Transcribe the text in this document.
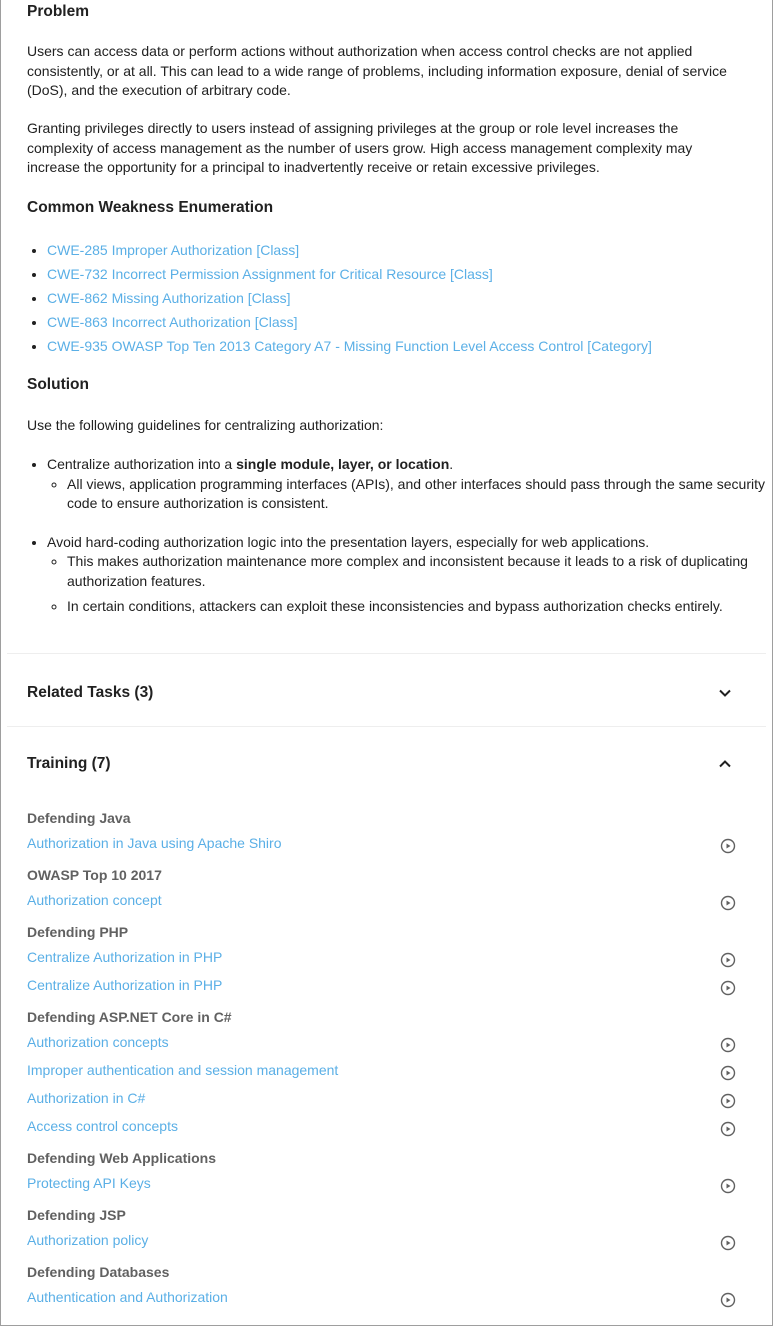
Problem

Users can access data or perform actions without authorization when access control checks are not applied consistently, or at all. This can lead to a wide range of problems, including information exposure, denial of service (DoS), and the execution of arbitrary code.

Granting privileges directly to users instead of assigning privileges at the group or role level increases the complexity of access management as the number of users grow. High access management complexity may increase the opportunity for a principal to inadvertently receive or retain excessive privileges.

Common Weakness Enumeration
• CWE-285 Improper Authorization [Class]
• CWE-732 Incorrect Permission Assignment for Critical Resource [Class]
• CWE-862 Missing Authorization [Class]
• CWE-863 Incorrect Authorization [Class]
• CWE-935 OWASP Top Ten 2013 Category A7 - Missing Function Level Access Control [Category]
Solution

Use the following guidelines for centralizing authorization:

• Centralize authorization into a single module, layer, or location.
◦ All views, application programming interfaces (APIs), and other interfaces should pass through the same security code to ensure authorization is consistent.
• Avoid hard-coding authorization logic into the presentation layers, especially for web applications.
◦ This makes authorization maintenance more complex and inconsistent because it leads to a risk of duplicating authorization features.
◦ In certain conditions, attackers can exploit these inconsistencies and bypass authorization checks entirely.
Related Tasks (3)
Training (7)
Defending Java
Authorization in Java using Apache Shiro
OWASP Top 10 2017
Authorization concept
Defending PHP
Centralize Authorization in PHP
Centralize Authorization in PHP
Defending ASP.NET Core in C#
Authorization concepts
Improper authentication and session management
Authorization in C#
Access control concepts
Defending Web Applications
Protecting API Keys
Defending JSP
Authorization policy
Defending Databases
Authentication and Authorization
